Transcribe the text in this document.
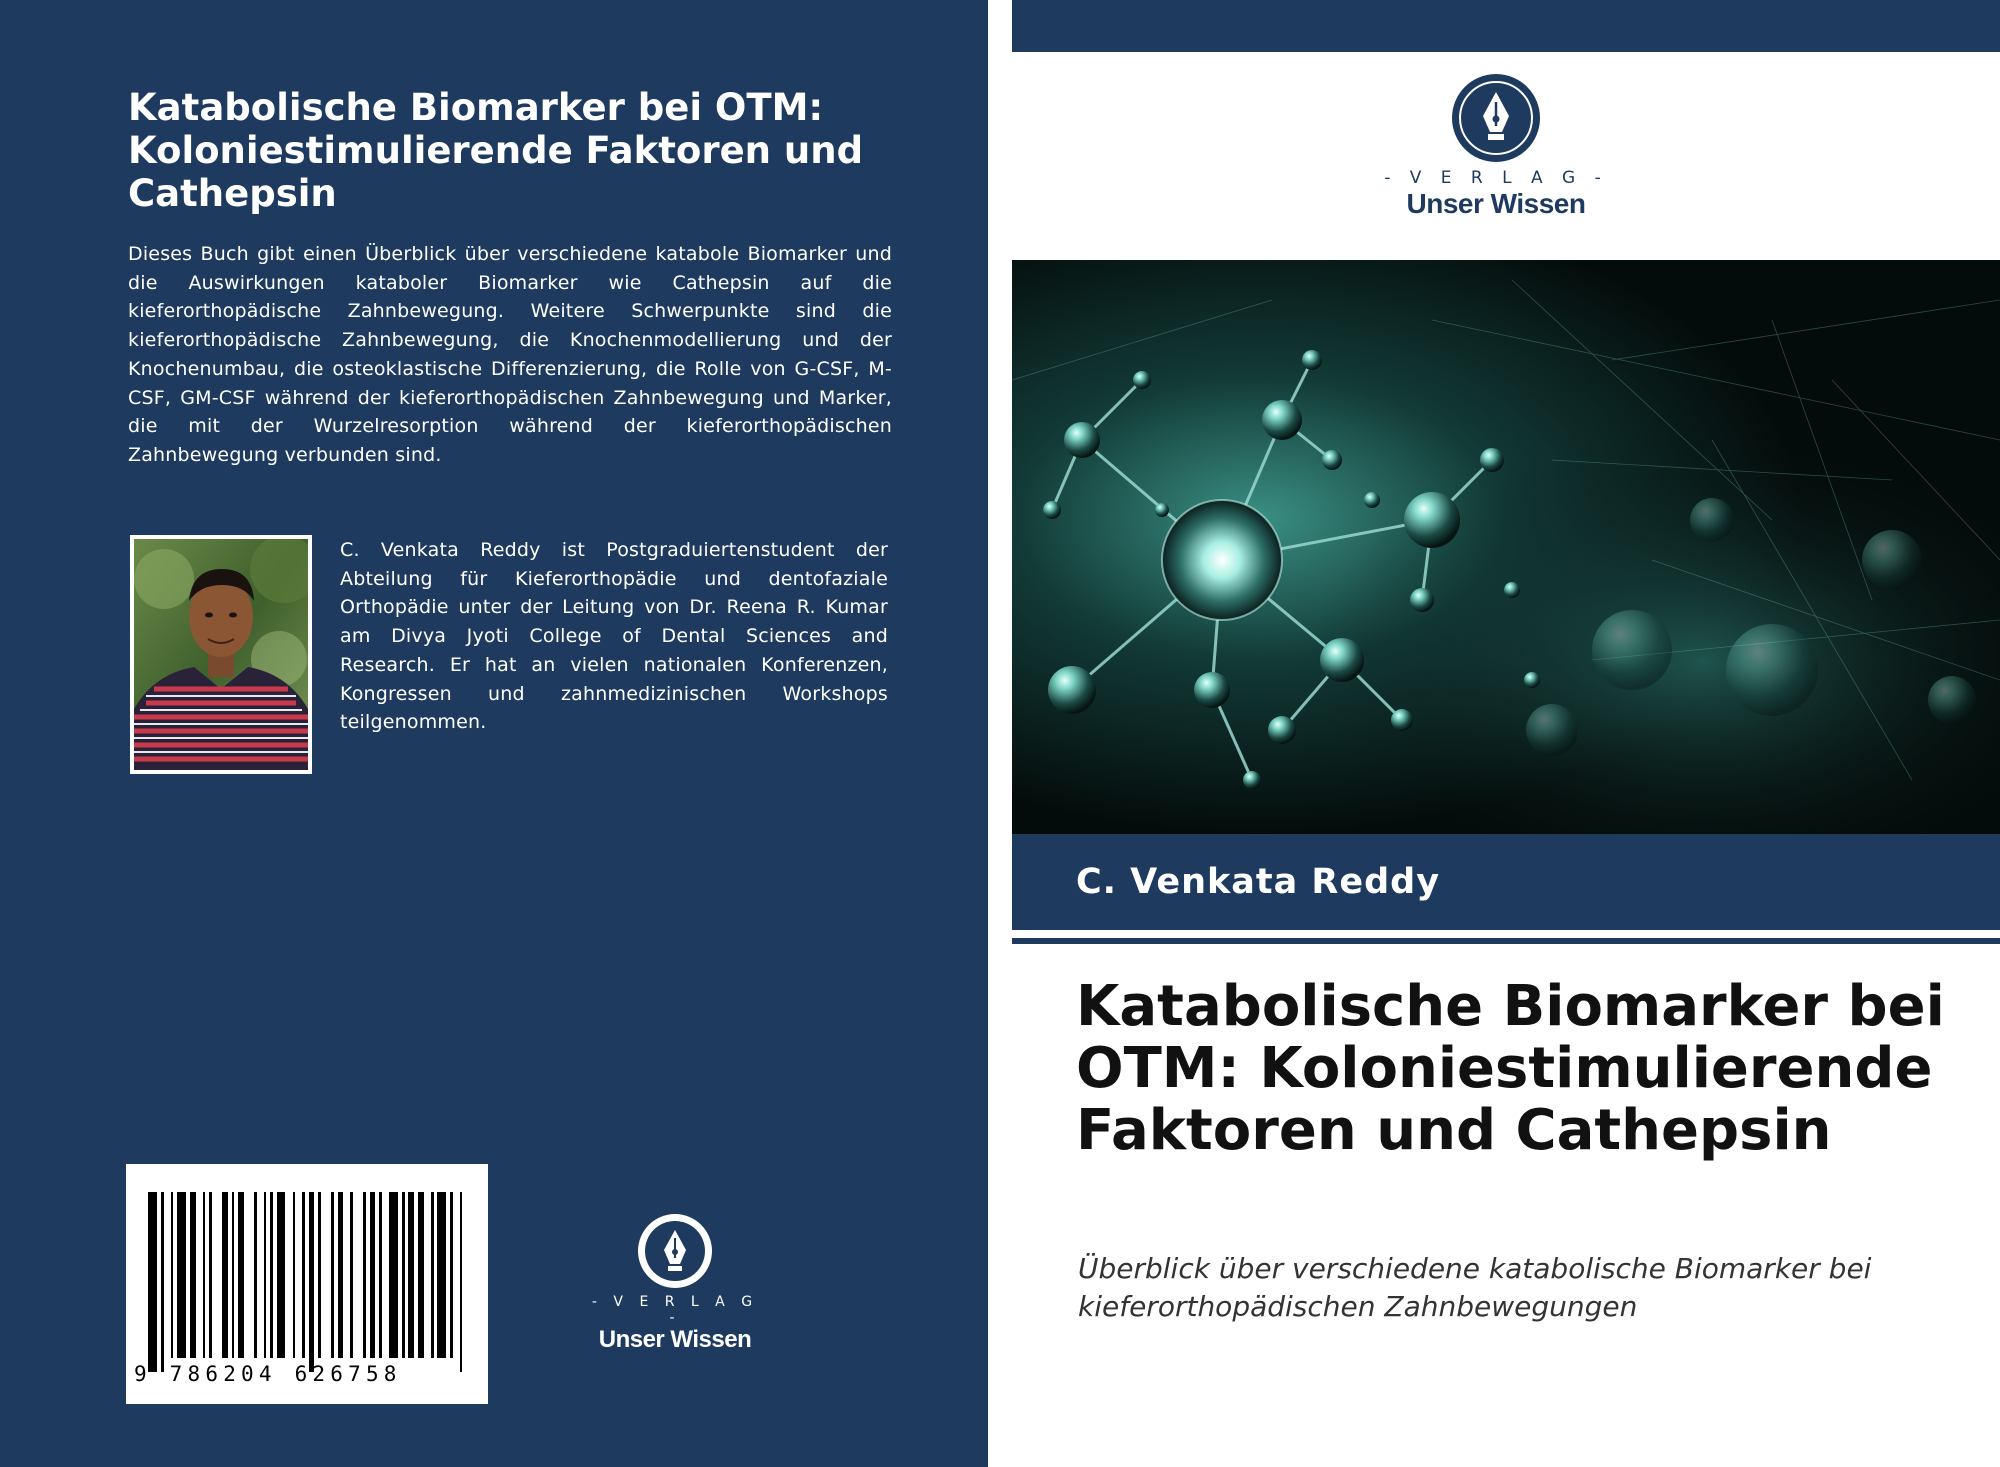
Katabolische Biomarker bei OTM: Koloniestimulierende Faktoren und Cathepsin

Dieses Buch gibt einen Überblick über verschiedene katabole Biomarker und die Auswirkungen kataboler Biomarker wie Cathepsin auf die kieferorthopädische Zahnbewegung. Weitere Schwerpunkte sind die kieferorthopädische Zahnbewegung, die Knochenmodellierung und der Knochenumbau, die osteoklastische Differenzierung, die Rolle von G-CSF, M-CSF, GM-CSF während der kieferorthopädischen Zahnbewegung und Marker, die mit der Wurzelresorption während der kieferorthopädischen Zahnbewegung verbunden sind.

C. Venkata Reddy ist Postgraduiertenstudent der Abteilung für Kieferorthopädie und dentofaziale Orthopädie unter der Leitung von Dr. Reena R. Kumar am Divya Jyoti College of Dental Sciences and Research. Er hat an vielen nationalen Konferenzen, Kongressen und zahnmedizinischen Workshops teilgenommen.

9 786204 626758
- V E R L A G -
Unser Wissen
- V E R L A G -
Unser Wissen
C. Venkata Reddy
Katabolische Biomarker bei OTM: Koloniestimulierende Faktoren und Cathepsin

Überblick über verschiedene katabolische Biomarker bei kieferorthopädischen Zahnbewegungen
